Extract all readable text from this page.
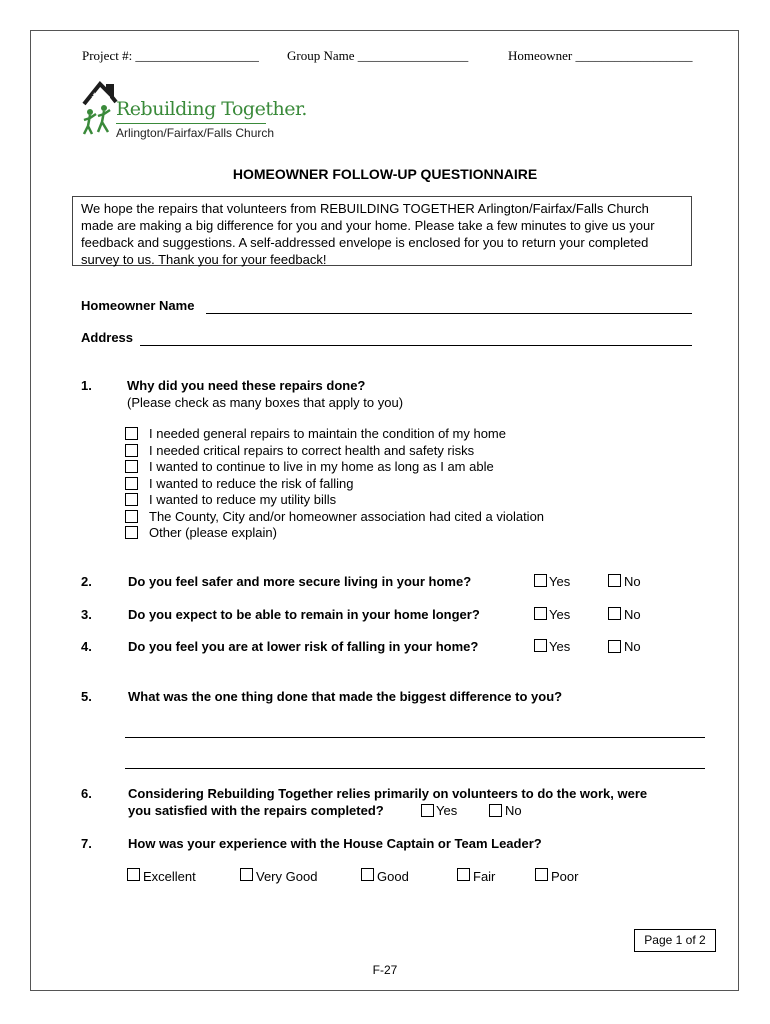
Project #: ___________________ Group Name _________________	Homeowner __________________
Rebuilding Together.
Arlington/Fairfax/Falls Church
HOMEOWNER FOLLOW-UP QUESTIONNAIRE
We hope the repairs that volunteers from REBUILDING TOGETHER Arlington/Fairfax/Falls Church made are making a big difference for you and your home. Please take a few minutes to give us your feedback and suggestions. A self-addressed envelope is enclosed for you to return your completed survey to us. Thank you for your feedback!
Homeowner Name
Address
1.	Why did you need these repairs done?
(Please check as many boxes that apply to you)
I needed general repairs to maintain the condition of my home
I needed critical repairs to correct health and safety risks
I wanted to continue to live in my home as long as I am able
I wanted to reduce the risk of falling
I wanted to reduce my utility bills
The County, City and/or homeowner association had cited a violation
Other (please explain)
2.	Do you feel safer and more secure living in your home?	Yes	No
3.	Do you expect to be able to remain in your home longer?	Yes	No
4.	Do you feel you are at lower risk of falling in your home?	Yes	No
5.	What was the one thing done that made the biggest difference to you?
6.	Considering Rebuilding Together relies primarily on volunteers to do the work, were
you satisfied with the repairs completed?	Yes	No
7.	How was your experience with the House Captain or Team Leader?
Excellent	Very Good	Good	Fair	Poor
Page 1 of 2
F-27
